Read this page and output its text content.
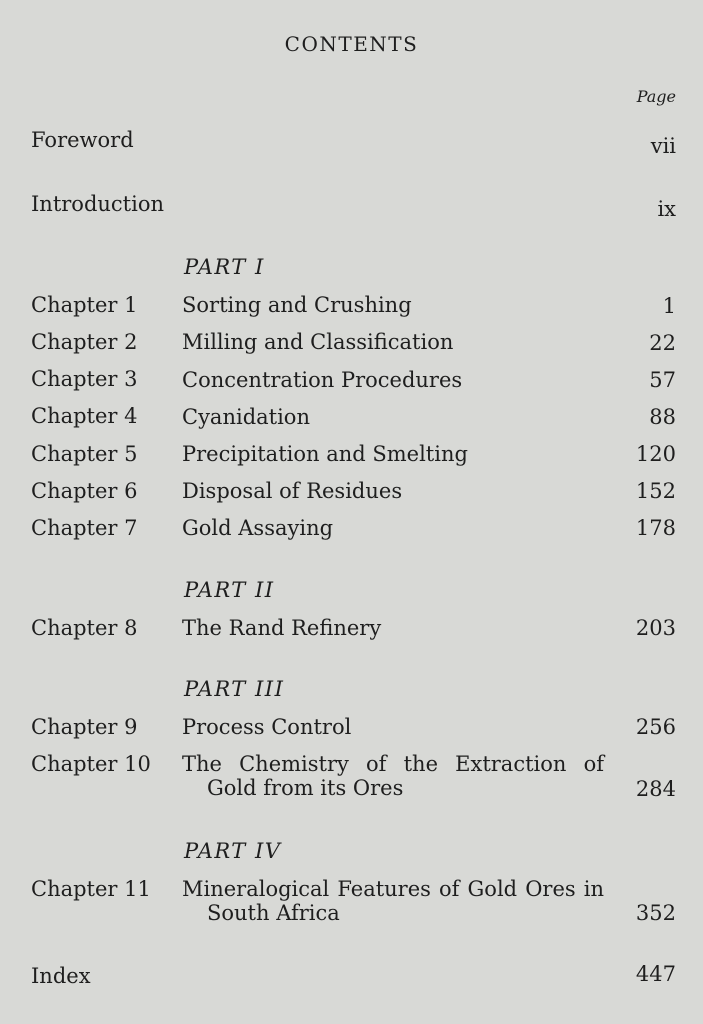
CONTENTS
Page
Foreword	vii
Introduction	ix
PART I
Chapter 1 Sorting and Crushing	1
Chapter 2 Milling and Classification	22
Chapter 3 Concentration Procedures	57
Chapter 4 Cyanidation	88
Chapter 5 Precipitation and Smelting	120
Chapter 6 Disposal of Residues	152
Chapter 7 Gold Assaying	178
PART II
Chapter 8 The Rand Refinery	203
PART III
Chapter 9 Process Control	256
Chapter 10 The Chemistry of the Extraction of
Gold from its Ores	284
PART IV
Chapter 11 Mineralogical Features of Gold Ores in
South Africa	352
Index	447
